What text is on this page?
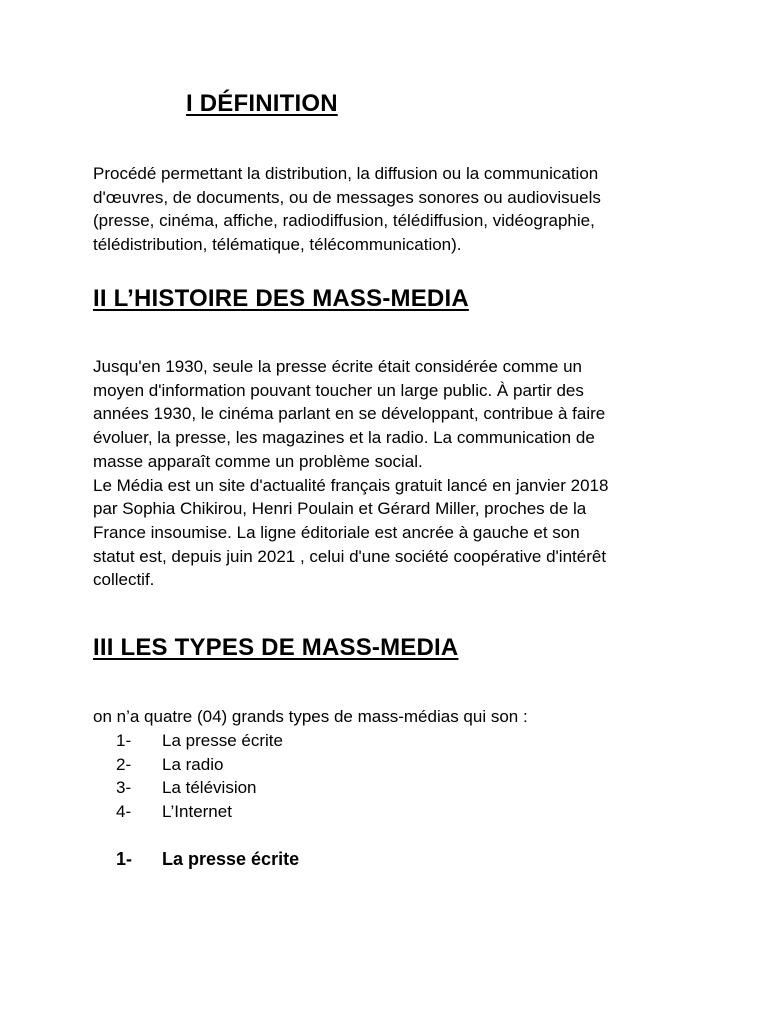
I DÉFINITION
Procédé permettant la distribution, la diffusion ou la communication
d'œuvres, de documents, ou de messages sonores ou audiovisuels
(presse, cinéma, affiche, radiodiffusion, télédiffusion, vidéographie,
télédistribution, télématique, télécommunication).
II L’HISTOIRE DES MASS-MEDIA
Jusqu'en 1930, seule la presse écrite était considérée comme un
moyen d'information pouvant toucher un large public. À partir des
années 1930, le cinéma parlant en se développant, contribue à faire
évoluer, la presse, les magazines et la radio. La communication de
masse apparaît comme un problème social.
Le Média est un site d'actualité français gratuit lancé en janvier 2018
par Sophia Chikirou, Henri Poulain et Gérard Miller, proches de la
France insoumise. La ligne éditoriale est ancrée à gauche et son
statut est, depuis juin 2021 , celui d'une société coopérative d'intérêt
collectif.
III LES TYPES DE MASS-MEDIA
on n’a quatre (04) grands types de mass-médias qui son :
1-	La presse écrite
2-	La radio
3-	La télévision
4-	L’Internet
1-	La presse écrite
